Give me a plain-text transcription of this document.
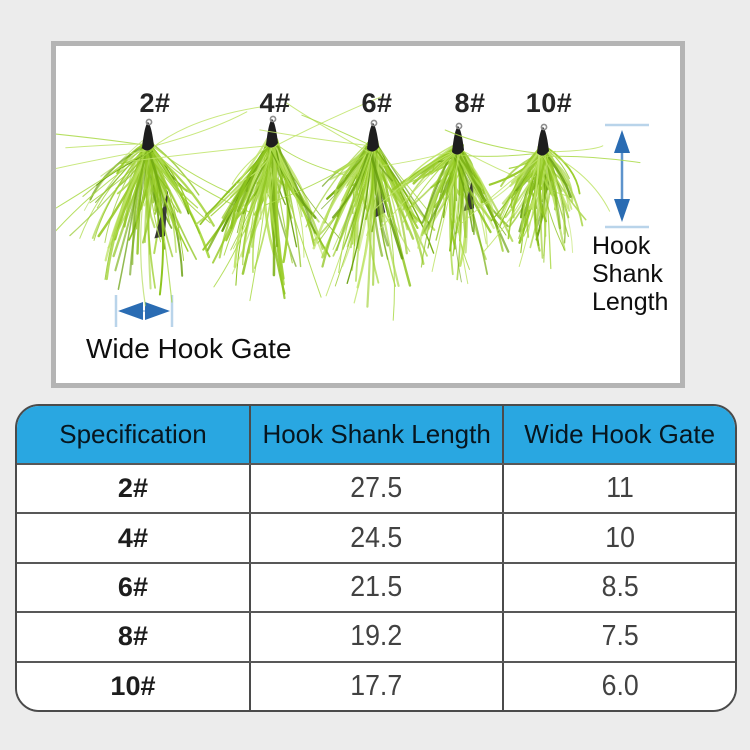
2#	4#	6# 8# 10#
Hook
Shank
Length
Wide Hook Gate
Specification	Hook Shank Length	Wide Hook Gate
2#	27.5	11
4#	24.5	10
6#	21.5	8.5
8#	19.2	7.5
10#	17.7	6.0
